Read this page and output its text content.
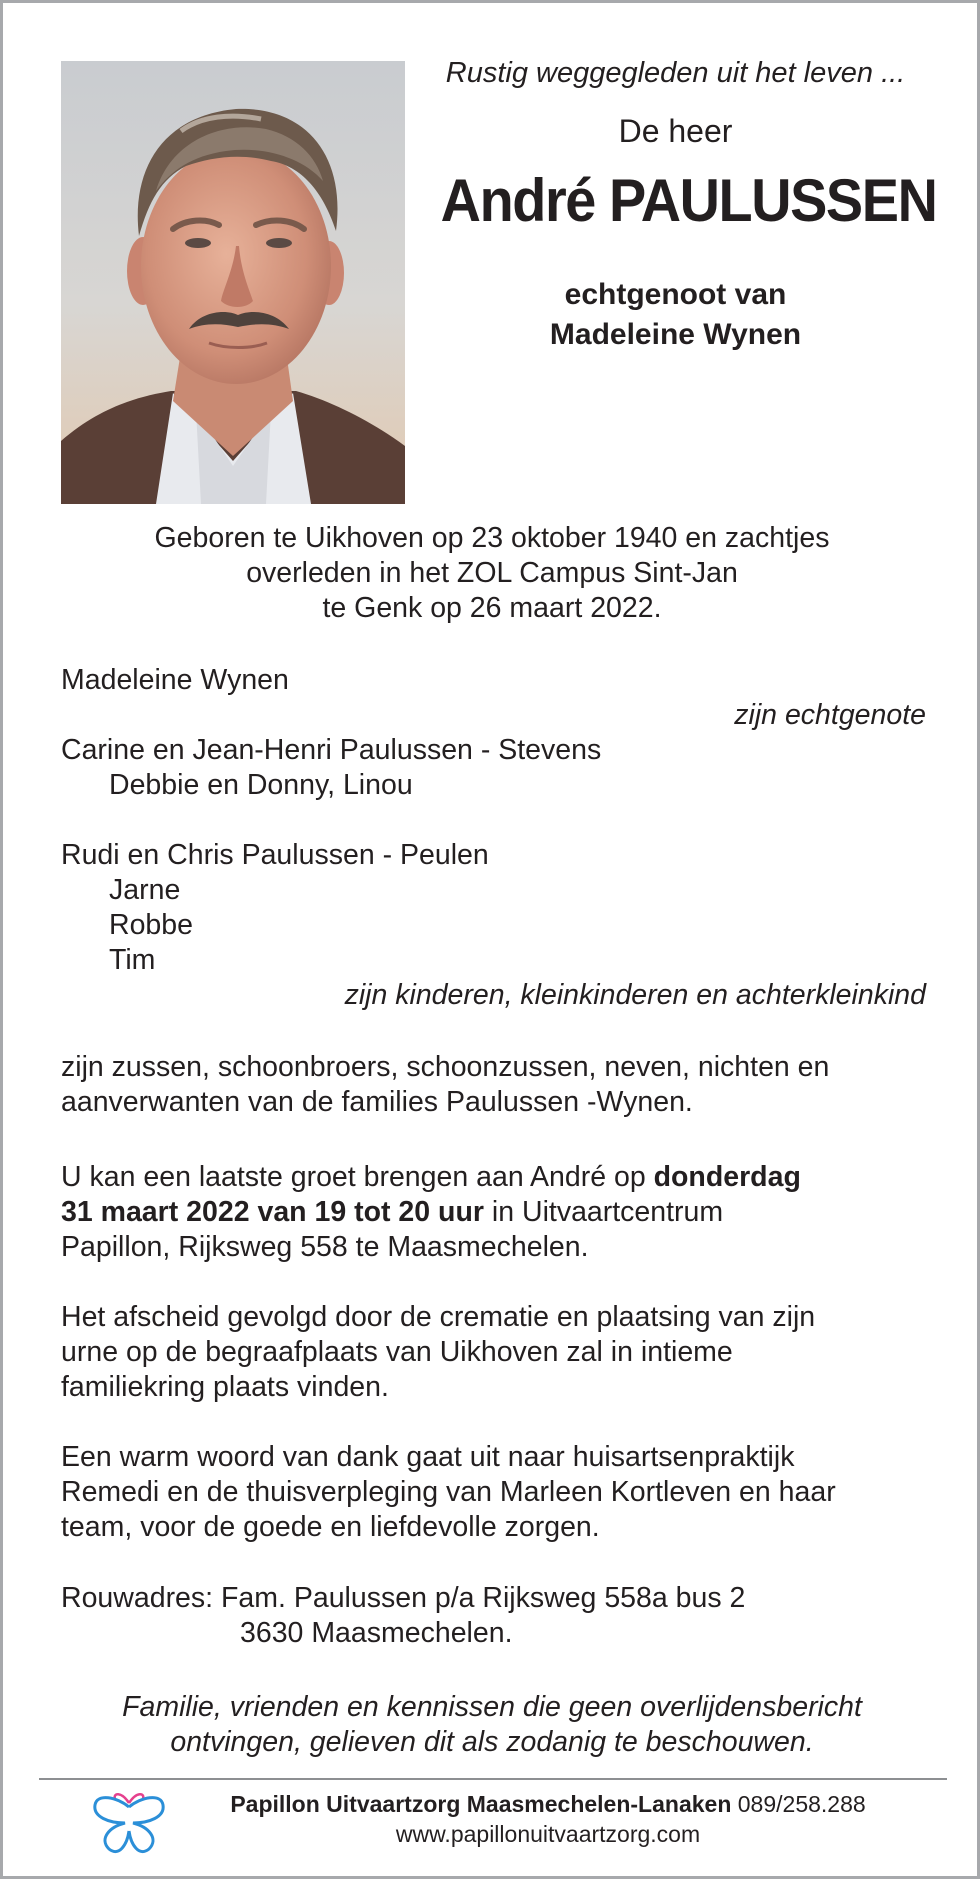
Rustig weggegleden uit het leven ...
De heer
André PAULUSSEN
echtgenoot van
Madeleine Wynen
Geboren te Uikhoven op 23 oktober 1940 en zachtjes
overleden in het ZOL Campus Sint-Jan
te Genk op 26 maart 2022.
Madeleine Wynen
zijn echtgenote
Carine en Jean-Henri Paulussen - Stevens
Debbie en Donny, Linou
Rudi en Chris Paulussen - Peulen
Jarne
Robbe
Tim
zijn kinderen, kleinkinderen en achterkleinkind
zijn zussen, schoonbroers, schoonzussen, neven, nichten en
aanverwanten van de families Paulussen -Wynen.
U kan een laatste groet brengen aan André op donderdag
31 maart 2022 van 19 tot 20 uur in Uitvaartcentrum
Papillon, Rijksweg 558 te Maasmechelen.
Het afscheid gevolgd door de crematie en plaatsing van zijn
urne op de begraafplaats van Uikhoven zal in intieme
familiekring plaats vinden.
Een warm woord van dank gaat uit naar huisartsenpraktijk
Remedi en de thuisverpleging van Marleen Kortleven en haar
team, voor de goede en liefdevolle zorgen.
Rouwadres: Fam. Paulussen p/a Rijksweg 558a bus 2
3630 Maasmechelen.
Familie, vrienden en kennissen die geen overlijdensbericht
ontvingen, gelieven dit als zodanig te beschouwen.
Papillon Uitvaartzorg Maasmechelen-Lanaken 089/258.288
www.papillonuitvaartzorg.com
